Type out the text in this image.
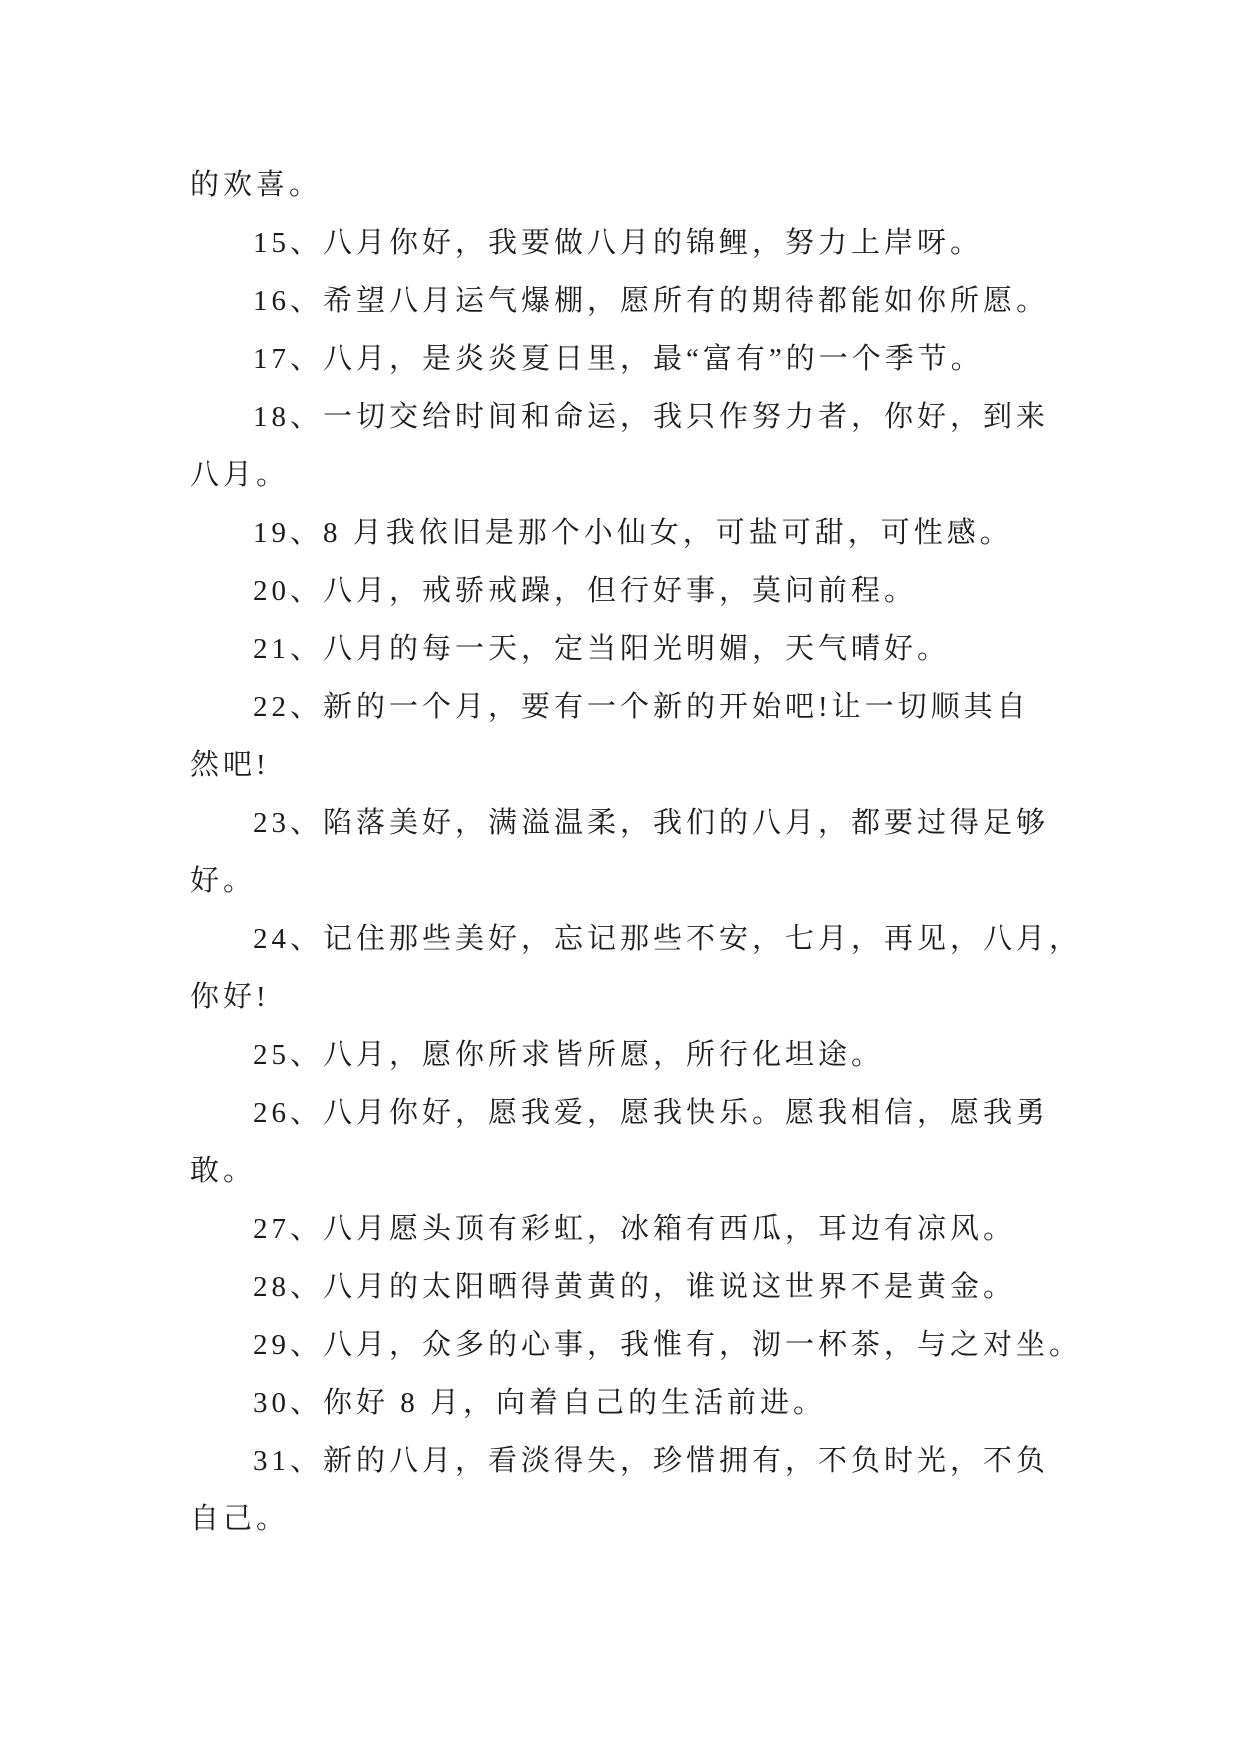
的欢喜。
15、八月你好，我要做八月的锦鲤，努力上岸呀。
16、希望八月运气爆棚，愿所有的期待都能如你所愿。
17、八月，是炎炎夏日里，最“富有”的一个季节。
18、一切交给时间和命运，我只作努力者，你好，到来
八月。
19、8 月我依旧是那个小仙女，可盐可甜，可性感。
20、八月，戒骄戒躁，但行好事，莫问前程。
21、八月的每一天，定当阳光明媚，天气晴好。
22、新的一个月，要有一个新的开始吧!让一切顺其自
然吧!
23、陷落美好，满溢温柔，我们的八月，都要过得足够
好。
24、记住那些美好，忘记那些不安，七月，再见，八月，
你好!
25、八月，愿你所求皆所愿，所行化坦途。
26、八月你好，愿我爱，愿我快乐。愿我相信，愿我勇
敢。
27、八月愿头顶有彩虹，冰箱有西瓜，耳边有凉风。
28、八月的太阳晒得黄黄的，谁说这世界不是黄金。
29、八月，众多的心事，我惟有，沏一杯茶，与之对坐。
30、你好 8 月，向着自己的生活前进。
31、新的八月，看淡得失，珍惜拥有，不负时光，不负
自己。
